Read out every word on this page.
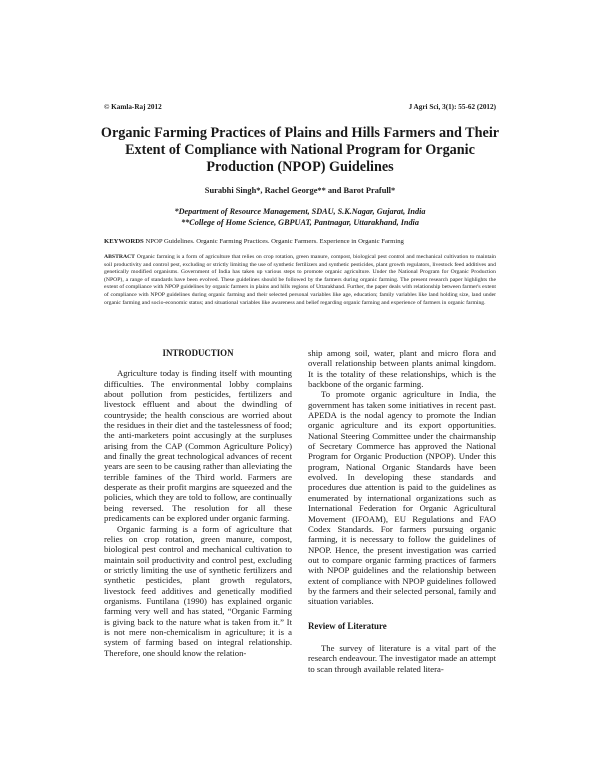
© Kamla-Raj 2012	J Agri Sci, 3(1): 55-62 (2012)
Organic Farming Practices of Plains and Hills Farmers and Their Extent of Compliance with National Program for Organic Production (NPOP) Guidelines
Surabhi Singh*, Rachel George** and Barot Prafull*
*Department of Resource Management, SDAU, S.K.Nagar, Gujarat, India
**College of Home Science, GBPUAT, Pantnagar, Uttarakhand, India
KEYWORDS NPOP Guidelines. Organic Farming Practices. Organic Farmers. Experience in Organic Farming
ABSTRACT Organic farming is a form of agriculture that relies on crop rotation, green manure, compost, biological pest control and mechanical cultivation to maintain soil productivity and control pest, excluding or strictly limiting the use of synthetic fertilizers and synthetic pesticides, plant growth regulators, livestock feed additives and genetically modified organisms. Government of India has taken up various steps to promote organic agriculture. Under the National Program for Organic Production (NPOP), a range of standards have been evolved. These guidelines should be followed by the farmers during organic farming. The present research paper highlights the extent of compliance with NPOP guidelines by organic farmers in plains and hills regions of Uttarakhand. Further, the paper deals with relationship between farmer's extent of compliance with NPOP guidelines during organic farming and their selected personal variables like age, education; family variables like land holding size, land under organic farming and socio-economic status; and situational variables like awareness and belief regarding organic farming and experience of farmers in organic farming.
INTRODUCTION

Agriculture today is finding itself with mounting difficulties. The environmental lobby complains about pollution from pesticides, fertilizers and livestock effluent and about the dwindling of countryside; the health conscious are worried about the residues in their diet and the tastelessness of food; the anti-marketers point accusingly at the surpluses arising from the CAP (Common Agriculture Policy) and finally the great technological advances of recent years are seen to be causing rather than alleviating the terrible famines of the Third world. Farmers are desperate as their profit margins are squeezed and the policies, which they are told to follow, are continually being reversed. The resolution for all these predicaments can be explored under organic farming.

Organic farming is a form of agriculture that relies on crop rotation, green manure, compost, biological pest control and mechanical cultivation to maintain soil productivity and control pest, excluding or strictly limiting the use of synthetic fertilizers and synthetic pesticides, plant growth regulators, livestock feed additives and genetically modified organisms. Funtilana (1990) has explained organic farming very well and has stated, “Organic Farming is giving back to the nature what is taken from it.” It is not mere non-chemicalism in agriculture; it is a system of farming based on integral relationship. Therefore, one should know the relation-

ship among soil, water, plant and micro flora and overall relationship between plants animal kingdom. It is the totality of these relationships, which is the backbone of the organic farming.

To promote organic agriculture in India, the government has taken some initiatives in recent past. APEDA is the nodal agency to promote the Indian organic agriculture and its export opportunities. National Steering Committee under the chairmanship of Secretary Commerce has approved the National Program for Organic Production (NPOP). Under this program, National Organic Standards have been evolved. In developing these standards and procedures due attention is paid to the guidelines as enumerated by international organizations such as International Federation for Organic Agricultural Movement (IFOAM), EU Regulations and FAO Codex Standards. For farmers pursuing organic farming, it is necessary to follow the guidelines of NPOP. Hence, the present investigation was carried out to compare organic farming practices of farmers with NPOP guidelines and the relationship between extent of compliance with NPOP guidelines followed by the farmers and their selected personal, family and situation variables.

Review of Literature

The survey of literature is a vital part of the research endeavour. The investigator made an attempt to scan through available related litera-
